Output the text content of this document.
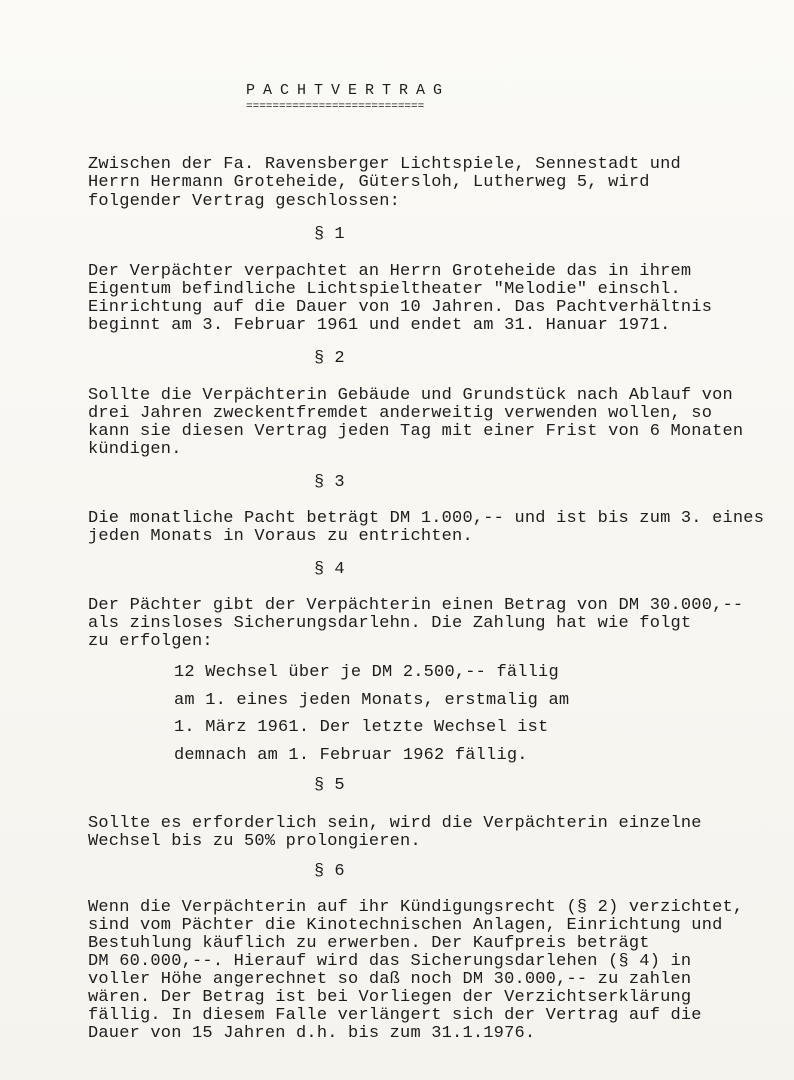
PACHTVERTRAG
===========================
Zwischen der Fa. Ravensberger Lichtspiele, Sennestadt und
Herrn Hermann Groteheide, Gütersloh, Lutherweg 5, wird
folgender Vertrag geschlossen:
§ 1
Der Verpächter verpachtet an Herrn Groteheide das in ihrem
Eigentum befindliche Lichtspieltheater "Melodie" einschl.
Einrichtung auf die Dauer von 10 Jahren. Das Pachtverhältnis
beginnt am 3. Februar 1961 und endet am 31. Hanuar 1971.
§ 2
Sollte die Verpächterin Gebäude und Grundstück nach Ablauf von
drei Jahren zweckentfremdet anderweitig verwenden wollen, so
kann sie diesen Vertrag jeden Tag mit einer Frist von 6 Monaten
kündigen.
§ 3
Die monatliche Pacht beträgt DM 1.000,-- und ist bis zum 3. eines
jeden Monats in Voraus zu entrichten.
§ 4
Der Pächter gibt der Verpächterin einen Betrag von DM 30.000,--
als zinsloses Sicherungsdarlehn. Die Zahlung hat wie folgt
zu erfolgen:
12 Wechsel über je DM 2.500,-- fällig
am 1. eines jeden Monats, erstmalig am
1. März 1961. Der letzte Wechsel ist
demnach am 1. Februar 1962 fällig.
§ 5
Sollte es erforderlich sein, wird die Verpächterin einzelne
Wechsel bis zu 50% prolongieren.
§ 6
Wenn die Verpächterin auf ihr Kündigungsrecht (§ 2) verzichtet,
sind vom Pächter die Kinotechnischen Anlagen, Einrichtung und
Bestuhlung käuflich zu erwerben. Der Kaufpreis beträgt
DM 60.000,--. Hierauf wird das Sicherungsdarlehen (§ 4) in
voller Höhe angerechnet so daß noch DM 30.000,-- zu zahlen
wären. Der Betrag ist bei Vorliegen der Verzichtserklärung
fällig. In diesem Falle verlängert sich der Vertrag auf die
Dauer von 15 Jahren d.h. bis zum 31.1.1976.
